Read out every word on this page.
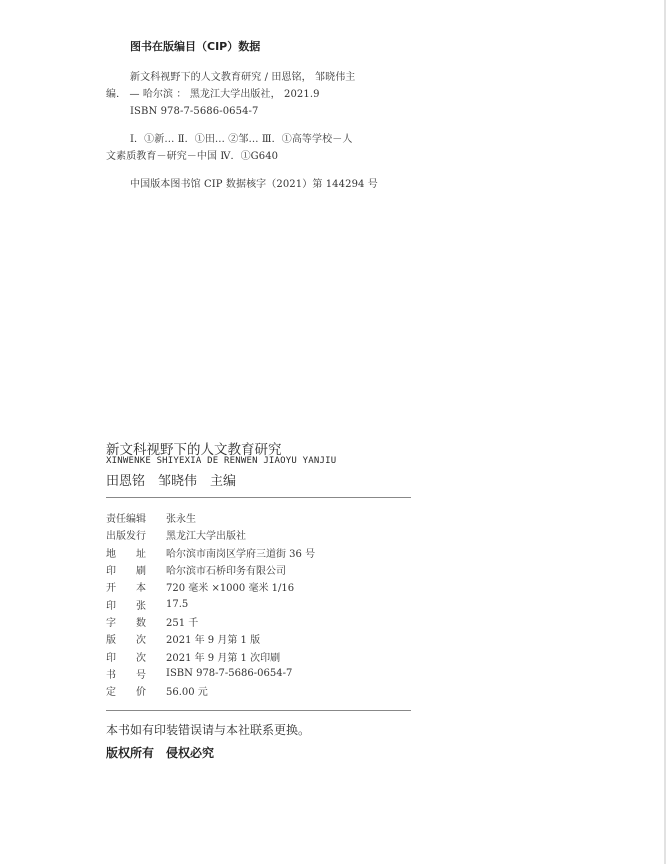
图书在版编目（CIP）数据
新文科视野下的人文教育研究 / 田恩铭， 邹晓伟主
编． — 哈尔滨 ： 黑龙江大学出版社， 2021.9
ISBN 978-7-5686-0654-7
Ⅰ．①新… Ⅱ．①田… ②邹… Ⅲ．①高等学校－人
文素质教育－研究－中国 Ⅳ．①G640
中国版本图书馆 CIP 数据核字（2021）第 144294 号
新文科视野下的人文教育研究
XINWENKE SHIYEXIA DE RENWEN JIAOYU YANJIU
田恩铭　邹晓伟　主编
责任编辑	张永生
出版发行	黑龙江大学出版社
地　　址	哈尔滨市南岗区学府三道街 36 号
印　　刷	哈尔滨市石桥印务有限公司
开　　本	720 毫米 ×1000 毫米 1/16
印　　张	17.5
字　　数	251 千
版　　次	2021 年 9 月第 1 版
印　　次	2021 年 9 月第 1 次印刷
书　　号	ISBN 978-7-5686-0654-7
定　　价	56.00 元
本书如有印装错误请与本社联系更换。
版权所有　侵权必究
